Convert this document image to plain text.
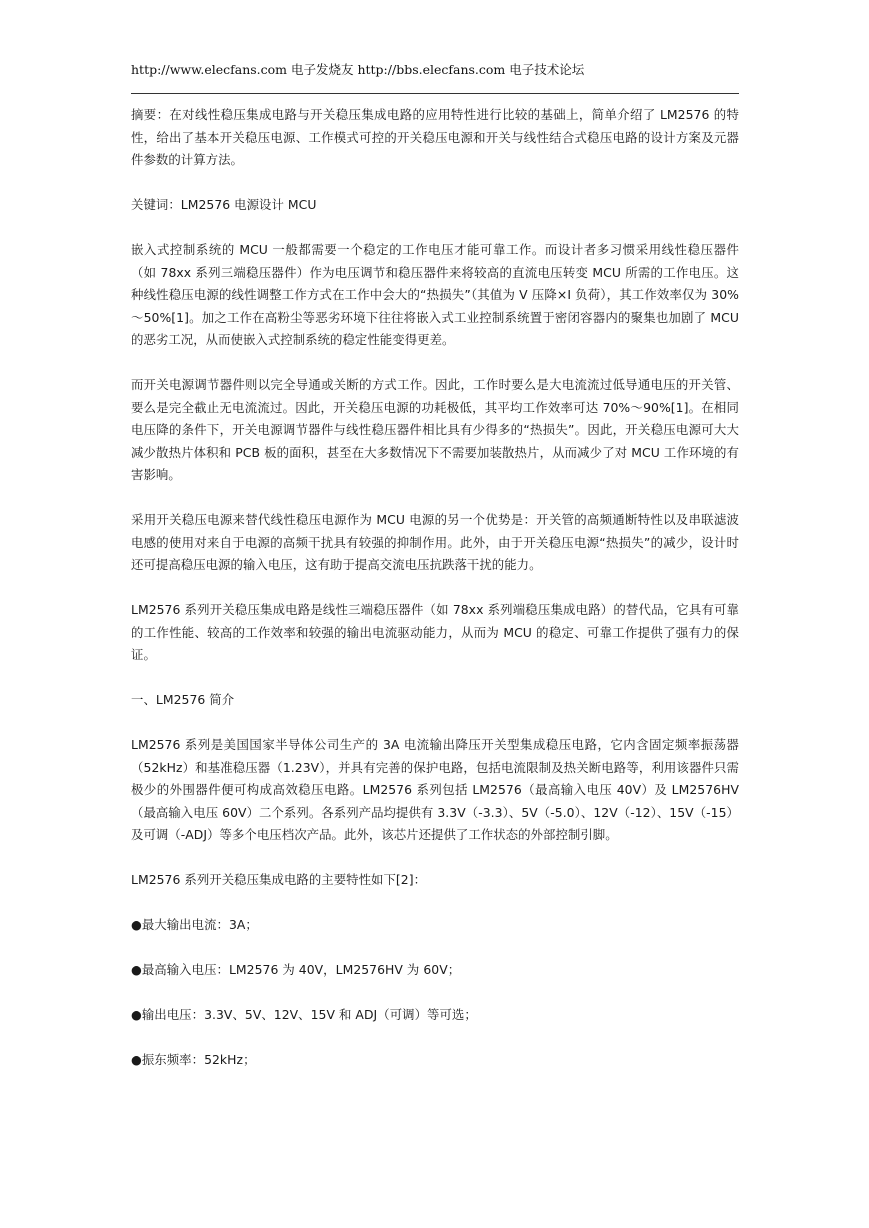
http://www.elecfans.com 电子发烧友 http://bbs.elecfans.com 电子技术论坛

摘要：在对线性稳压集成电路与开关稳压集成电路的应用特性进行比较的基础上，简单介绍了 LM2576 的特性，给出了基本开关稳压电源、工作模式可控的开关稳压电源和开关与线性结合式稳压电路的设计方案及元器件参数的计算方法。

关键词：LM2576 电源设计 MCU

嵌入式控制系统的 MCU 一般都需要一个稳定的工作电压才能可靠工作。而设计者多习惯采用线性稳压器件（如 78xx 系列三端稳压器件）作为电压调节和稳压器件来将较高的直流电压转变 MCU 所需的工作电压。这种线性稳压电源的线性调整工作方式在工作中会大的“热损失”（其值为 V 压降×I 负荷），其工作效率仅为 30%～50%[1]。加之工作在高粉尘等恶劣环境下往往将嵌入式工业控制系统置于密闭容器内的聚集也加剧了 MCU 的恶劣工况，从而使嵌入式控制系统的稳定性能变得更差。

而开关电源调节器件则以完全导通或关断的方式工作。因此，工作时要么是大电流流过低导通电压的开关管、要么是完全截止无电流流过。因此，开关稳压电源的功耗极低，其平均工作效率可达 70%～90%[1]。在相同电压降的条件下，开关电源调节器件与线性稳压器件相比具有少得多的“热损失”。因此，开关稳压电源可大大减少散热片体积和 PCB 板的面积，甚至在大多数情况下不需要加装散热片，从而减少了对 MCU 工作环境的有害影响。

采用开关稳压电源来替代线性稳压电源作为 MCU 电源的另一个优势是：开关管的高频通断特性以及串联滤波电感的使用对来自于电源的高频干扰具有较强的抑制作用。此外，由于开关稳压电源“热损失”的减少，设计时还可提高稳压电源的输入电压，这有助于提高交流电压抗跌落干扰的能力。

LM2576 系列开关稳压集成电路是线性三端稳压器件（如 78xx 系列端稳压集成电路）的替代品，它具有可靠的工作性能、较高的工作效率和较强的输出电流驱动能力，从而为 MCU 的稳定、可靠工作提供了强有力的保证。

一、LM2576 简介

LM2576 系列是美国国家半导体公司生产的 3A 电流输出降压开关型集成稳压电路，它内含固定频率振荡器（52kHz）和基准稳压器（1.23V），并具有完善的保护电路，包括电流限制及热关断电路等，利用该器件只需极少的外围器件便可构成高效稳压电路。LM2576 系列包括 LM2576（最高输入电压 40V）及 LM2576HV（最高输入电压 60V）二个系列。各系列产品均提供有 3.3V（-3.3）、5V（-5.0）、12V（-12）、15V（-15）及可调（-ADJ）等多个电压档次产品。此外，该芯片还提供了工作状态的外部控制引脚。

LM2576 系列开关稳压集成电路的主要特性如下[2]：

●最大输出电流：3A；
●最高输入电压：LM2576 为 40V，LM2576HV 为 60V；
●输出电压：3.3V、5V、12V、15V 和 ADJ（可调）等可选；
●振东频率：52kHz；
